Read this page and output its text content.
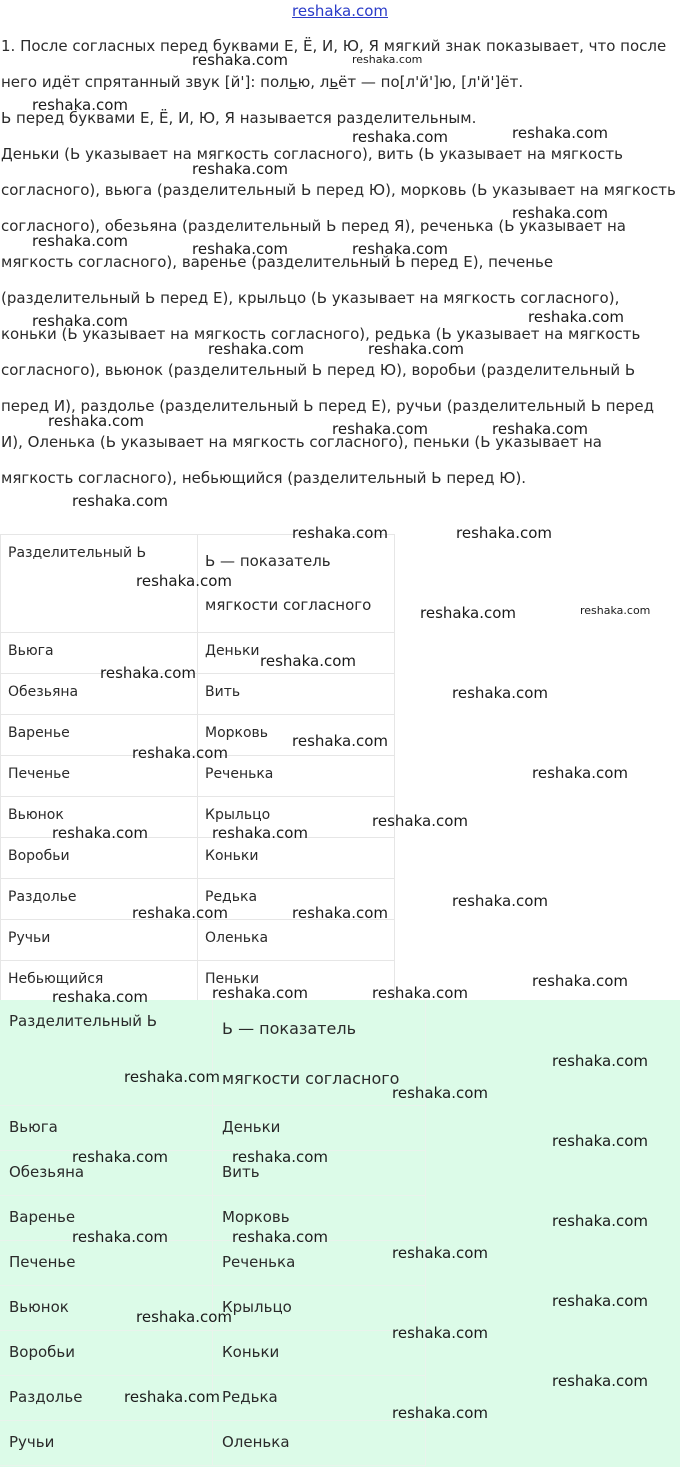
reshaka.com

1. После согласных перед буквами Е, Ё, И, Ю, Я мягкий знак показывает, что после него идёт спрятанный звук [й']: полью, льёт — по[л'й']ю, [л'й']ёт.

Ь перед буквами Е, Ё, И, Ю, Я называется разделительным.

Деньки (Ь указывает на мягкость согласного), вить (Ь указывает на мягкость согласного), вьюга (разделительный Ь перед Ю), морковь (Ь указывает на мягкость согласного), обезьяна (разделительный Ь перед Я), реченька (Ь указывает на мягкость согласного), варенье (разделительный Ь перед Е), печенье (разделительный Ь перед Е), крыльцо (Ь указывает на мягкость согласного), коньки (Ь указывает на мягкость согласного), редька (Ь указывает на мягкость согласного), вьюнок (разделительный Ь перед Ю), воробьи (разделительный Ь перед И), раздолье (разделительный Ь перед Е), ручьи (разделительный Ь перед И), Оленька (Ь указывает на мягкость согласного), пеньки (Ь указывает на мягкость согласного), небьющийся (разделительный Ь перед Ю).

Разделительный Ь	Ь — показатель мягкости согласного
Вьюга	Деньки
Обезьяна	Вить
Варенье	Морковь
Печенье	Реченька
Вьюнок	Крыльцо
Воробьи	Коньки
Раздолье	Редька
Ручьи	Оленька
Небьющийся	Пеньки
Разделительный Ь	Ь — показатель мягкости согласного
Вьюга	Деньки
Обезьяна	Вить
Варенье	Морковь
Печенье	Реченька
Вьюнок	Крыльцо
Воробьи	Коньки
Раздолье	Редька
Ручьи	Оленька
reshaka.com	reshaka.com
reshaka.com
reshaka.com	reshaka.com
reshaka.com
reshaka.com
reshaka.com	reshaka.com	reshaka.com
reshaka.com	reshaka.com
reshaka.com	reshaka.com
reshaka.com	reshaka.com	reshaka.com
reshaka.com
reshaka.com	reshaka.com
reshaka.com
reshaka.com	reshaka.com
reshaka.com
reshaka.com
reshaka.com
reshaka.com
reshaka.com
reshaka.com
reshaka.com
reshaka.com	reshaka.com
reshaka.com
reshaka.com	reshaka.com
reshaka.com
reshaka.com	reshaka.com	reshaka.com
reshaka.com
reshaka.com
reshaka.com
reshaka.com
reshaka.com	reshaka.com
reshaka.com
reshaka.com	reshaka.com
reshaka.com
reshaka.com
reshaka.com
reshaka.com
reshaka.com
reshaka.com
reshaka.com
